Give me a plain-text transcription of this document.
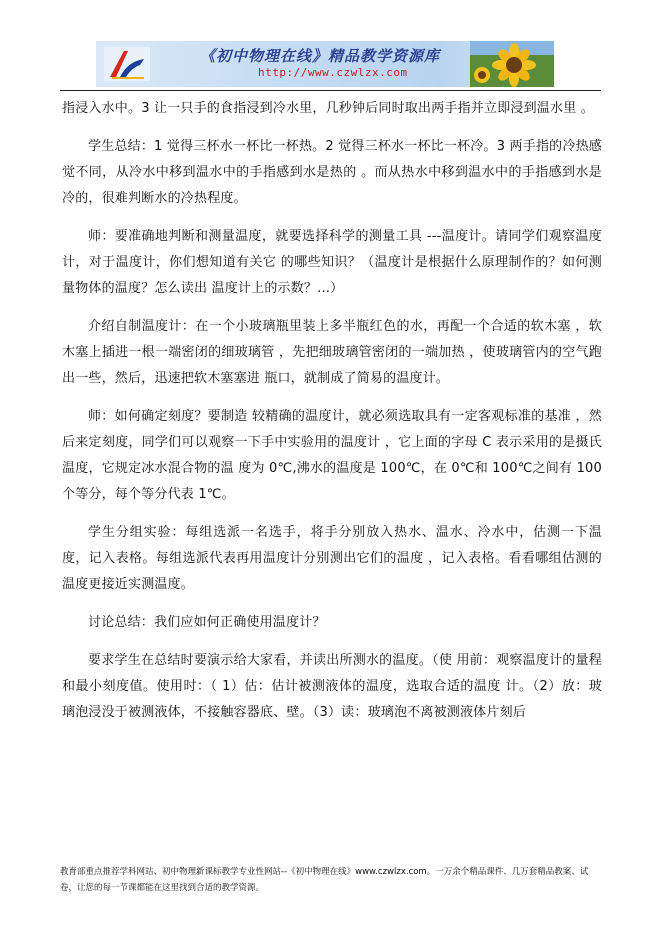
《初中物理在线》精品教学资源库
http://www.czwlzx.com

指浸入水中。3 让一只手的食指浸到冷水里，几秒钟后同时取出两手指并立即浸到温水里 。

学生总结：1 觉得三杯水一杯比一杯热。2 觉得三杯水一杯比一杯冷。3 两手指的冷热感觉不同，从冷水中移到温水中的手指感到水是热的 。而从热水中移到温水中的手指感到水是冷的，很难判断水的冷热程度。

师：要准确地判断和测量温度，就要选择科学的测量工具 ---温度计。请同学们观察温度计，对于温度计，你们想知道有关它 的哪些知识？（温度计是根据什么原理制作的？如何测量物体的温度？怎么读出 温度计上的示数？...）

介绍自制温度计：在一个小玻璃瓶里装上多半瓶红色的水，再配一个合适的软木塞 ，软木塞上插进一根一端密闭的细玻璃管 ，先把细玻璃管密闭的一端加热 ，使玻璃管内的空气跑出一些，然后，迅速把软木塞塞进 瓶口，就制成了简易的温度计。

师：如何确定刻度？要制造 较精确的温度计，就必须选取具有一定客观标准的基准 ，然后来定刻度，同学们可以观察一下手中实验用的温度计 ，它上面的字母 C 表示采用的是摄氏温度，它规定冰水混合物的温 度为 0℃,沸水的温度是 100℃，在 0℃和 100℃之间有 100 个等分，每个等分代表 1℃。

学生分组实验：每组选派一名选手，将手分别放入热水、温水、冷水中，估测一下温度，记入表格。每组选派代表再用温度计分别测出它们的温度 ，记入表格。看看哪组估测的温度更接近实测温度。

讨论总结：我们应如何正确使用温度计？

要求学生在总结时要演示给大家看，并读出所测水的温度。（使 用前：观察温度计的量程和最小刻度值。使用时：（ 1）估：估计被测液体的温度，选取合适的温度 计。（2）放：玻璃泡浸没于被测液体，不接触容器底、壁。（3）读：玻璃泡不离被测液体片刻后

教育部重点推荐学科网站、初中物理新课标教学专业性网站--《初中物理在线》www.czwlzx.com。一万余个精品课件、几万套精品教案、试卷，让您的每一节课都能在这里找到合适的教学资源。
